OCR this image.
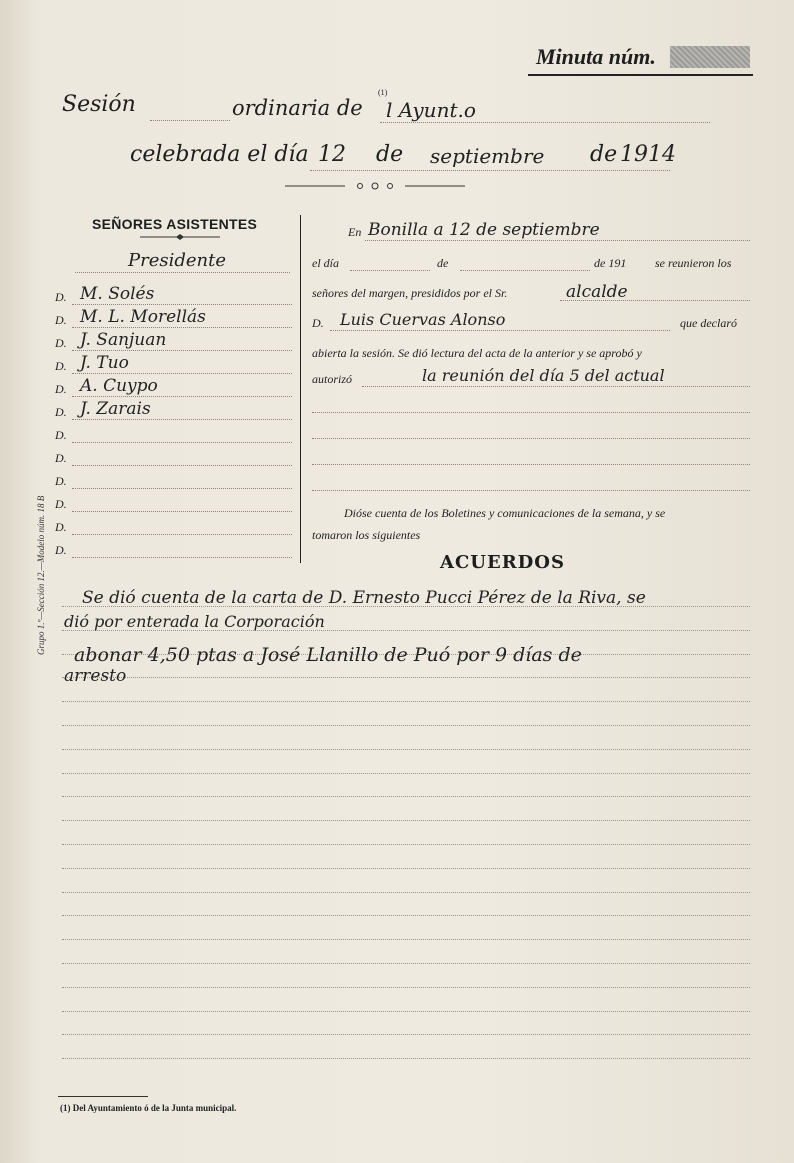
Minuta núm.
Sesión	ordinaria de
(1)
l Ayunt.o
celebrada el día 12 de septiembre de 1914
SEÑORES ASISTENTES
Presidente
D. M. Solés
D. M. L. Morellás
D. J. Sanjuan
D. J. Tuo
D. A. Cuypo
D. J. Zarais
D.
D.
D.
D.
D.
D.
En Bonilla a 12 de septiembre
el día	de	de 191 se reunieron los
señores del margen, presididos por el Sr.	alcalde
D. Luis Cuervas Alonso	que declaró
abierta la sesión. Se dió lectura del acta de la anterior y se aprobó y
autorizó	la reunión del día 5 del actual
Dióse cuenta de los Boletines y comunicaciones de la semana, y se
tomaron los siguientes
ACUERDOS
Se dió cuenta de la carta de D. Ernesto Pucci Pérez de la Riva, se
dió por enterada la Corporación
abonar 4,50 ptas a José Llanillo de Puó por 9 días de
arresto
Grupo 1.º—Sección 12.—Modelo núm. 18 B
(1) Del Ayuntamiento ó de la Junta municipal.
